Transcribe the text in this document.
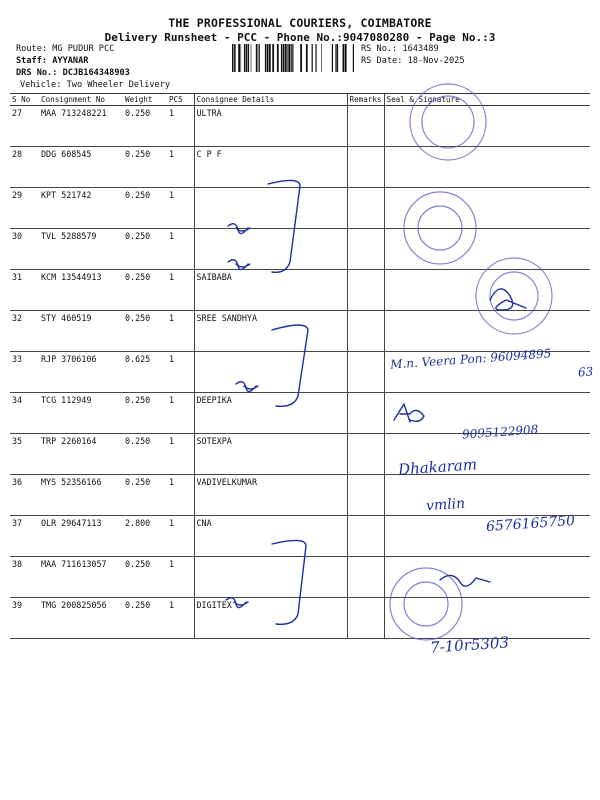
THE PROFESSIONAL COURIERS, COIMBATORE
Delivery Runsheet - PCC - Phone No.:9047080280 - Page No.:3
Route: MG PUDUR PCC
Staff: AYYANAR
DRS No.: DCJB164348903
Vehicle: Two Wheeler Delivery
RS No.: 1643489
RS Date: 18-Nov-2025
S No	Consignment No	Weight	PCS	Consignee Details	Remarks	Seal & Signature
27	MAA 713248221	0.250	1	ULTRA		
28	DDG 608545	0.250	1	C P F		
29	KPT 521742	0.250	1			
30	TVL 5288579	0.250	1			
31	KCM 13544913	0.250	1	SAIBABA		
32	STY 460519	0.250	1	SREE SANDHYA		
33	RJP 3706106	0.625	1			
34	TCG 112949	0.250	1	DEEPIKA		
35	TRP 2260164	0.250	1	SOTEXPA		
36	MYS 52356166	0.250	1	VADIVELKUMAR		
37	OLR 29647113	2.800	1	CNA		
38	MAA 711613057	0.250	1			
39	TMG 200825056	0.250	1	DIGITEX		
M.n. Veera Pon: 96094895
63
9095122908
Dhakaram
vmlin
6576165750
7-10r5303
